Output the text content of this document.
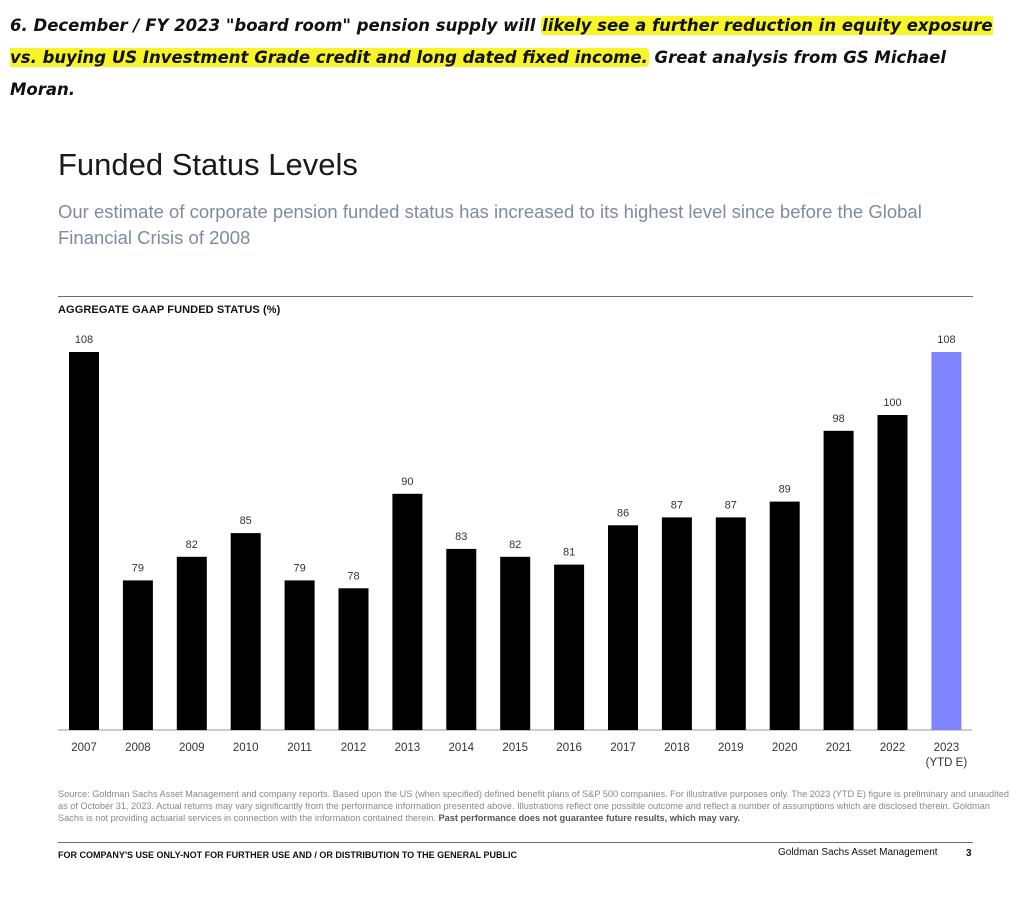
6. December / FY 2023 "board room" pension supply will likely see a further reduction in equity exposure vs. buying US Investment Grade credit and long dated fixed income. Great analysis from GS Michael Moran.
Funded Status Levels
Our estimate of corporate pension funded status has increased to its highest level since before the Global Financial Crisis of 2008
AGGREGATE GAAP FUNDED STATUS (%)
108
2007
79
2008
82
2009
85
2010
79
2011
78
2012
90
2013
83
2014
82
2015
81
2016
86
2017
87
2018
87
2019
89
2020
98
2021
100
2022
108
2023
(YTD E)
Source: Goldman Sachs Asset Management and company reports. Based upon the US (when specified) defined benefit plans of S&P 500 companies. For illustrative purposes only. The 2023 (YTD E) figure is preliminary and unaudited as of October 31, 2023. Actual returns may vary significantly from the performance information presented above. Illustrations reflect one possible outcome and reflect a number of assumptions which are disclosed therein. Goldman Sachs is not providing actuarial services in connection with the information contained therein. Past performance does not guarantee future results, which may vary.
FOR COMPANY'S USE ONLY-NOT FOR FURTHER USE AND / OR DISTRIBUTION TO THE GENERAL PUBLIC	Goldman Sachs Asset Management	3
